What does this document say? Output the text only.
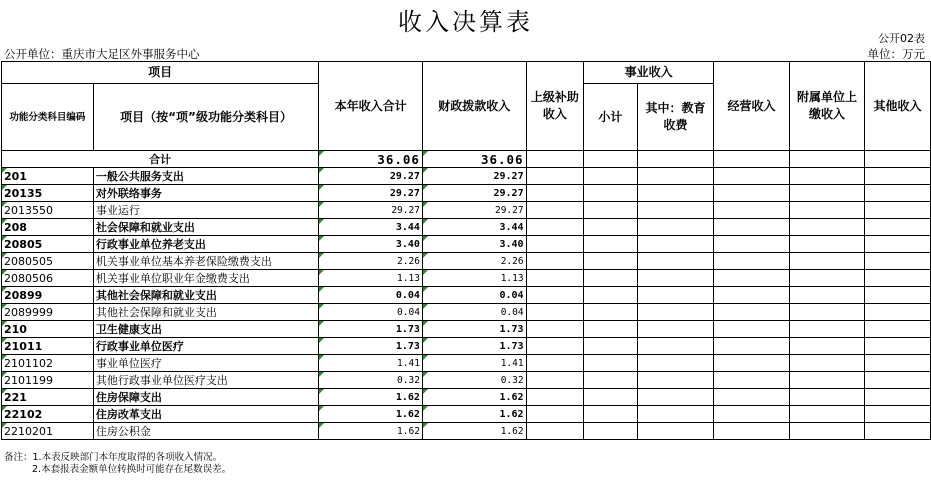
收入决算表
公开02表
公开单位：重庆市大足区外事服务中心	单位：万元
项目		本年收入合计	财政拨款收入	上级补助收入	事业收入		经营收入	附属单位上缴收入	其他收入
功能分类科目编码	项目（按“项”级功能分类科目）				小计	其中：教育收费			

合计		36.06	36.06						
201	一般公共服务支出	29.27	29.27						
20135	对外联络事务	29.27	29.27						
2013550	事业运行	29.27	29.27						
208	社会保障和就业支出	3.44	3.44						
20805	行政事业单位养老支出	3.40	3.40						
2080505	机关事业单位基本养老保险缴费支出	2.26	2.26						
2080506	机关事业单位职业年金缴费支出	1.13	1.13						
20899	其他社会保障和就业支出	0.04	0.04						
2089999	其他社会保障和就业支出	0.04	0.04						
210	卫生健康支出	1.73	1.73						
21011	行政事业单位医疗	1.73	1.73						
2101102	事业单位医疗	1.41	1.41						
2101199	其他行政事业单位医疗支出	0.32	0.32						
221	住房保障支出	1.62	1.62						
22102	住房改革支出	1.62	1.62						
2210201	住房公积金	1.62	1.62						
备注：1.本表反映部门本年度取得的各项收入情况。
2.本套报表金额单位转换时可能存在尾数误差。
